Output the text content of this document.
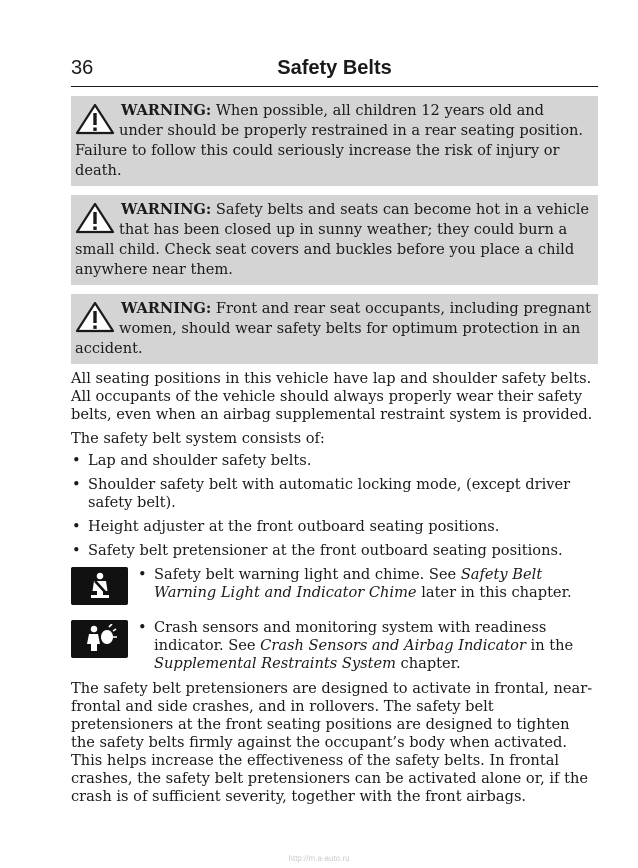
36	Safety Belts
WARNING: When possible, all children 12 years old and under should be properly restrained in a rear seating position. Failure to follow this could seriously increase the risk of injury or death.
WARNING: Safety belts and seats can become hot in a vehicle that has been closed up in sunny weather; they could burn a small child. Check seat covers and buckles before you place a child anywhere near them.
WARNING: Front and rear seat occupants, including pregnant women, should wear safety belts for optimum protection in an accident.

All seating positions in this vehicle have lap and shoulder safety belts. All occupants of the vehicle should always properly wear their safety belts, even when an airbag supplemental restraint system is provided.

The safety belt system consists of:

• Lap and shoulder safety belts.
• Shoulder safety belt with automatic locking mode, (except driver safety belt).
• Height adjuster at the front outboard seating positions.
• Safety belt pretensioner at the front outboard seating positions.
• Safety belt warning light and chime. See Safety Belt Warning Light and Indicator Chime later in this chapter.
• Crash sensors and monitoring system with readiness indicator. See Crash Sensors and Airbag Indicator in the Supplemental Restraints System chapter.

The safety belt pretensioners are designed to activate in frontal, near-frontal and side crashes, and in rollovers. The safety belt pretensioners at the front seating positions are designed to tighten the safety belts firmly against the occupant’s body when activated. This helps increase the effectiveness of the safety belts. In frontal crashes, the safety belt pretensioners can be activated alone or, if the crash is of sufficient severity, together with the front airbags.

http://m.a-auto.ru
